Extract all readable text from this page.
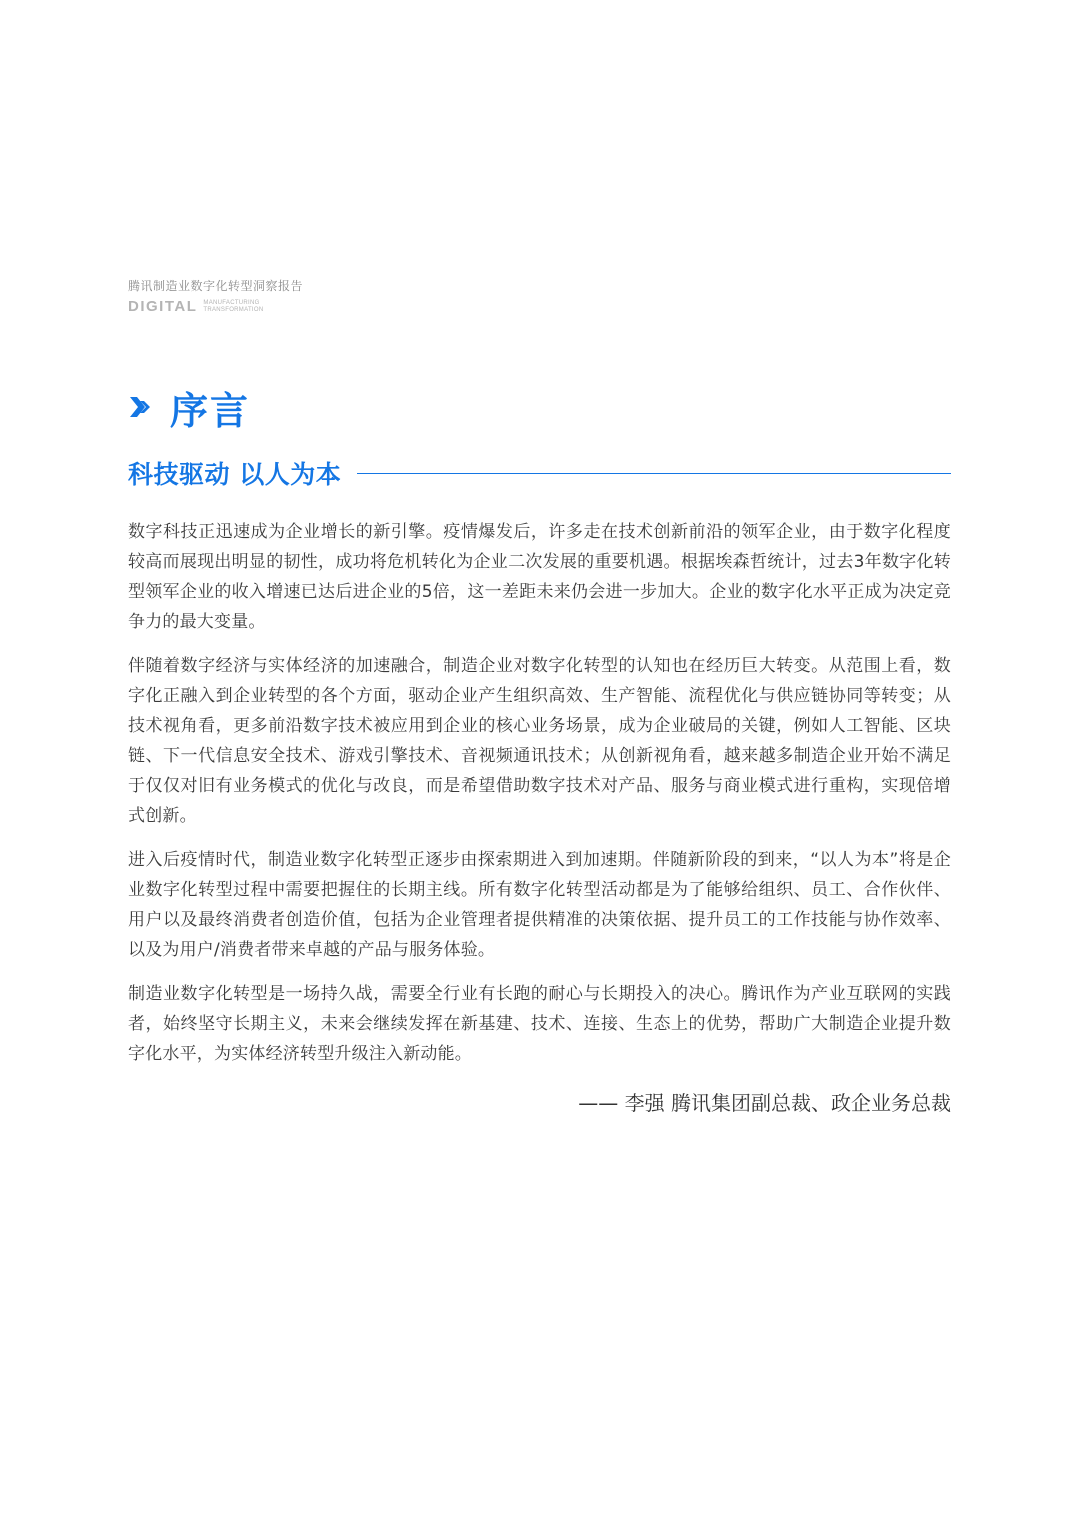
腾讯制造业数字化转型洞察报告
DIGITAL MANUFACTURING
TRANSFORMATION
序言
科技驱动 以人为本

数字科技正迅速成为企业增长的新引擎。疫情爆发后，许多走在技术创新前沿的领军企业，由于数字化程度较高而展现出明显的韧性，成功将危机转化为企业二次发展的重要机遇。根据埃森哲统计，过去3年数字化转型领军企业的收入增速已达后进企业的5倍，这一差距未来仍会进一步加大。企业的数字化水平正成为决定竞争力的最大变量。

伴随着数字经济与实体经济的加速融合，制造企业对数字化转型的认知也在经历巨大转变。从范围上看，数字化正融入到企业转型的各个方面，驱动企业产生组织高效、生产智能、流程优化与供应链协同等转变；从技术视角看，更多前沿数字技术被应用到企业的核心业务场景，成为企业破局的关键，例如人工智能、区块链、下一代信息安全技术、游戏引擎技术、音视频通讯技术；从创新视角看，越来越多制造企业开始不满足于仅仅对旧有业务模式的优化与改良，而是希望借助数字技术对产品、服务与商业模式进行重构，实现倍增式创新。

进入后疫情时代，制造业数字化转型正逐步由探索期进入到加速期。伴随新阶段的到来，“以人为本”将是企业数字化转型过程中需要把握住的长期主线。所有数字化转型活动都是为了能够给组织、员工、合作伙伴、用户以及最终消费者创造价值，包括为企业管理者提供精准的决策依据、提升员工的工作技能与协作效率、以及为用户/消费者带来卓越的产品与服务体验。

制造业数字化转型是一场持久战，需要全行业有长跑的耐心与长期投入的决心。腾讯作为产业互联网的实践者，始终坚守长期主义，未来会继续发挥在新基建、技术、连接、生态上的优势，帮助广大制造企业提升数字化水平，为实体经济转型升级注入新动能。

—— 李强 腾讯集团副总裁、政企业务总裁
